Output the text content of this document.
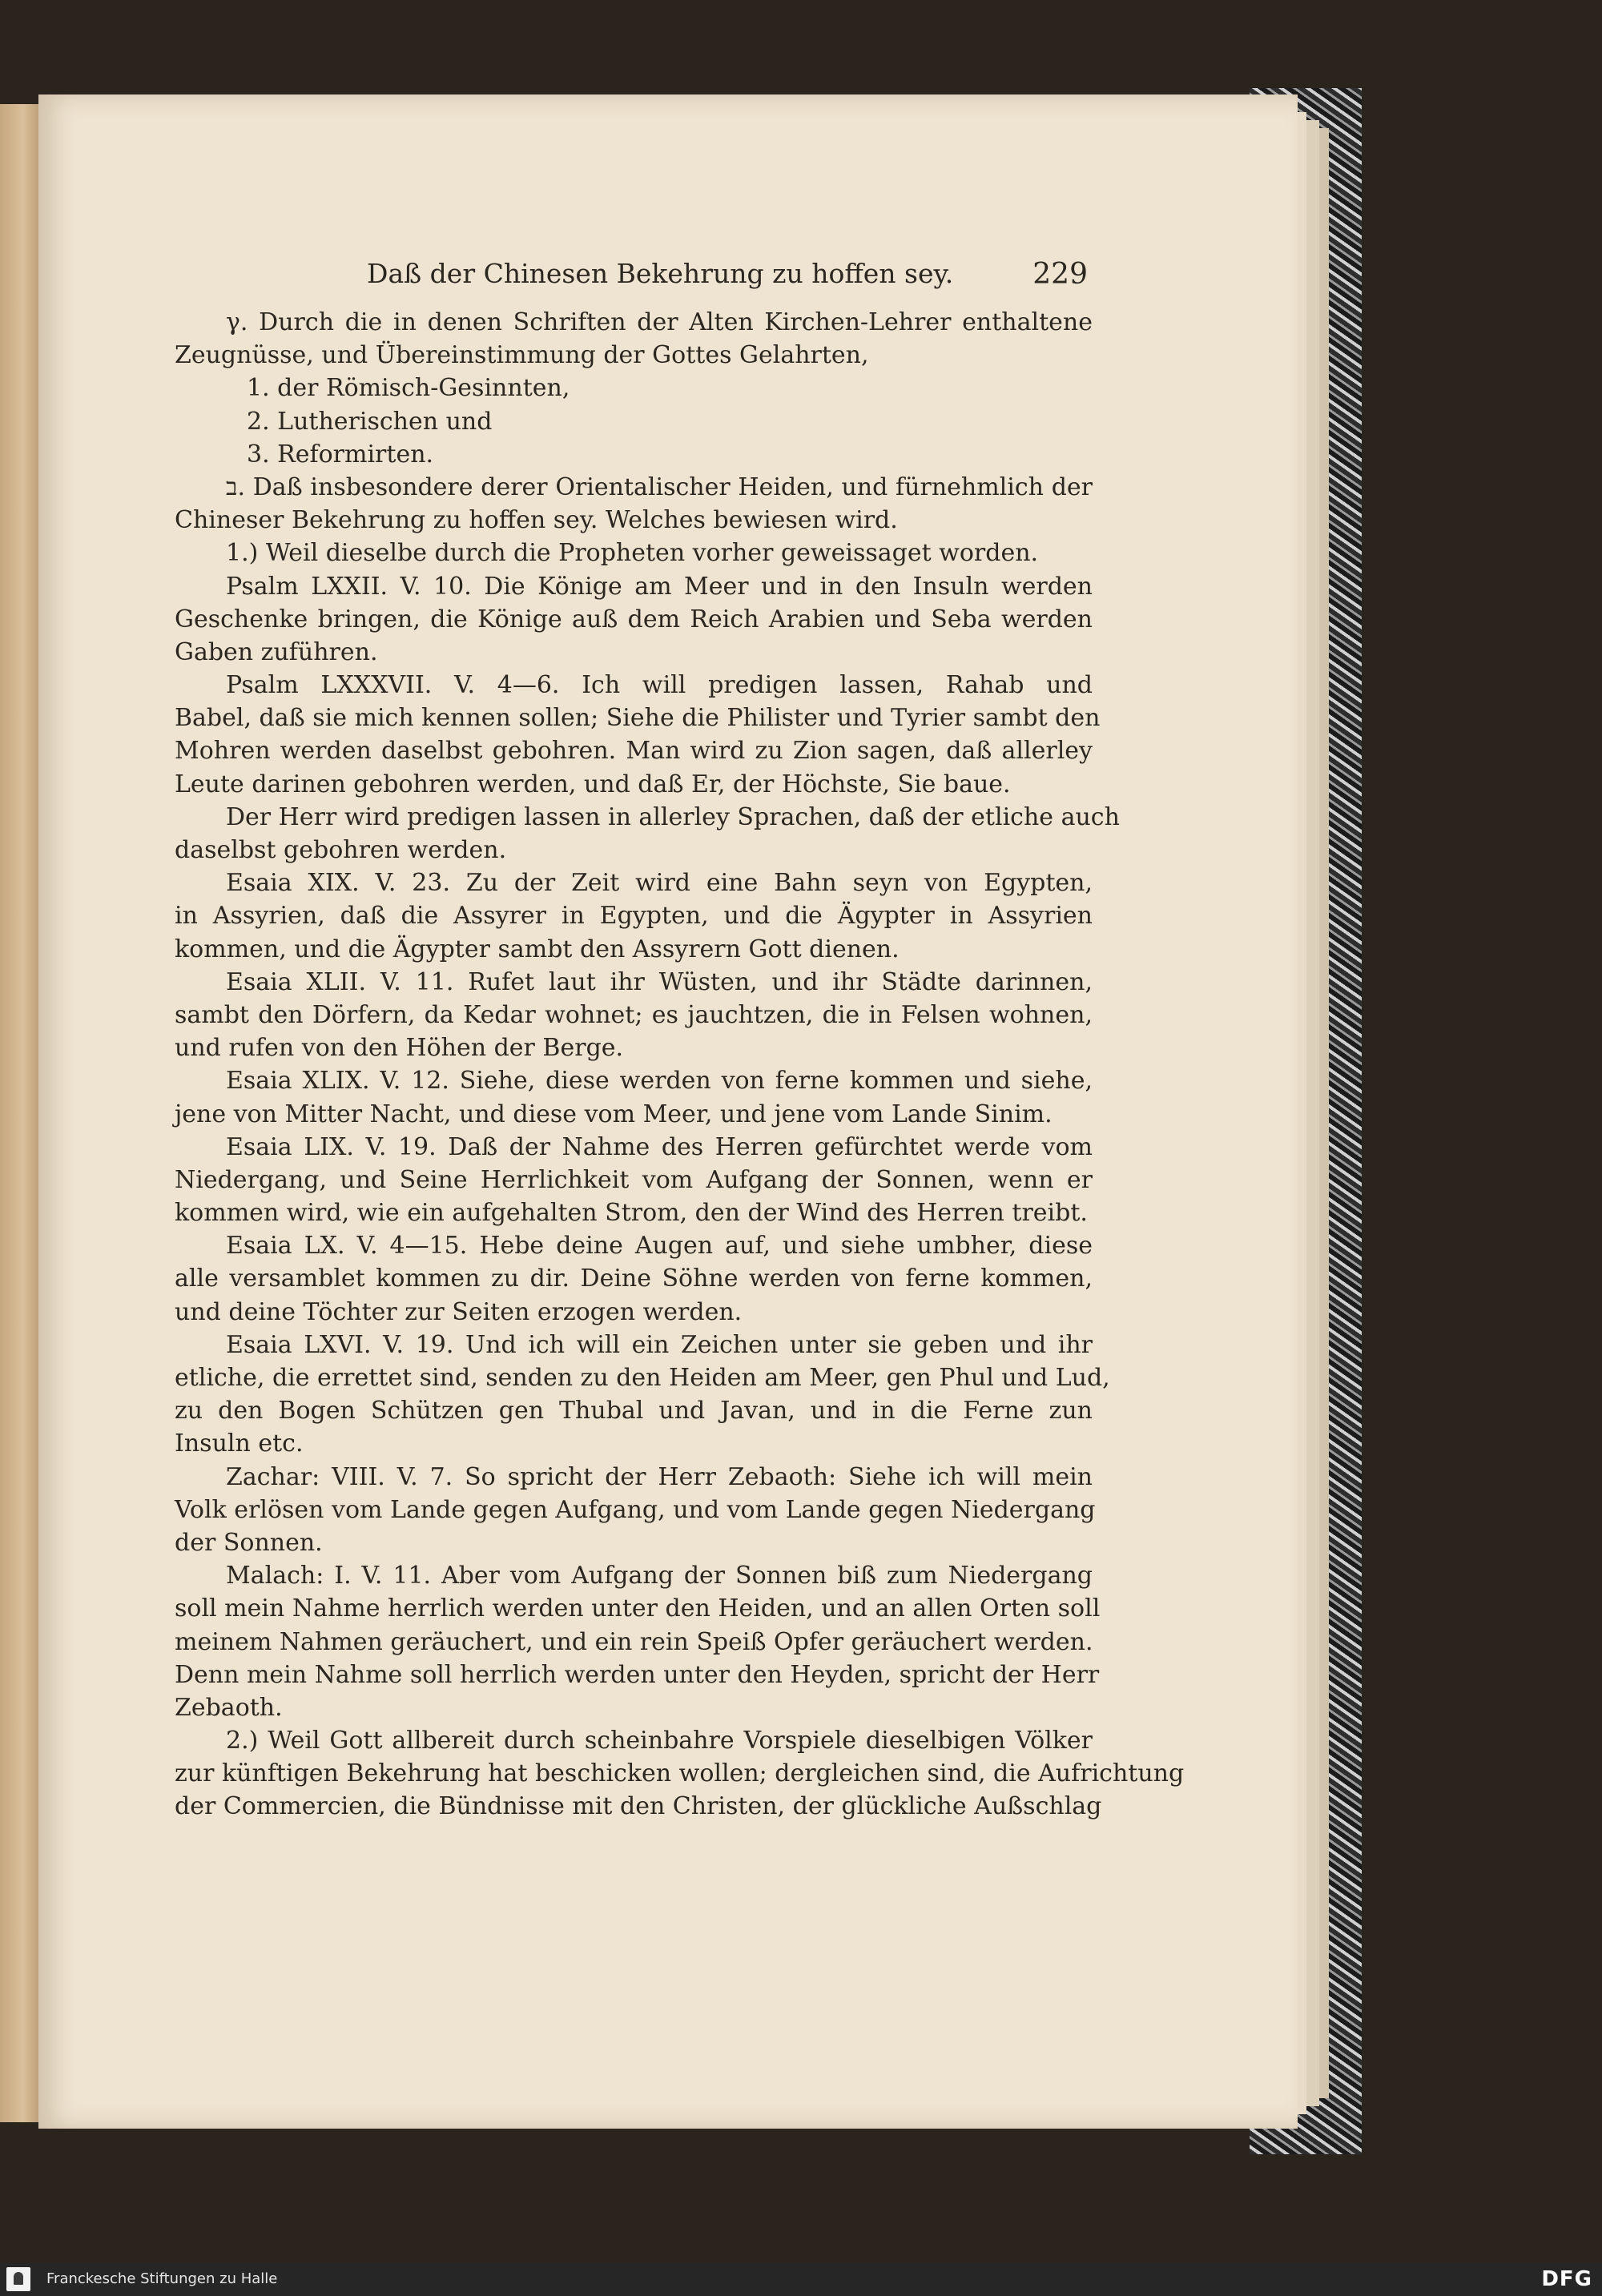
Daß der Chinesen Bekehrung zu hoffen sey.	229
γ. Durch die in denen Schriften der Alten Kirchen-Lehrer enthaltene
Zeugnüsse, und Übereinstimmung der Gottes Gelahrten,
1. der Römisch-Gesinnten,
2. Lutherischen und
3. Reformirten.
ב. Daß insbesondere derer Orientalischer Heiden, und fürnehmlich der
Chineser Bekehrung zu hoffen sey. Welches bewiesen wird.
1.) Weil dieselbe durch die Propheten vorher geweissaget worden.
Psalm LXXII. V. 10. Die Könige am Meer und in den Insuln werden
Geschenke bringen, die Könige auß dem Reich Arabien und Seba werden
Gaben zuführen.
Psalm LXXXVII. V. 4—6. Ich will predigen lassen, Rahab und
Babel, daß sie mich kennen sollen; Siehe die Philister und Tyrier sambt den
Mohren werden daselbst gebohren. Man wird zu Zion sagen, daß allerley
Leute darinen gebohren werden, und daß Er, der Höchste, Sie baue.
Der Herr wird predigen lassen in allerley Sprachen, daß der etliche auch
daselbst gebohren werden.
Esaia XIX. V. 23. Zu der Zeit wird eine Bahn seyn von Egypten,
in Assyrien, daß die Assyrer in Egypten, und die Ägypter in Assyrien
kommen, und die Ägypter sambt den Assyrern Gott dienen.
Esaia XLII. V. 11. Rufet laut ihr Wüsten, und ihr Städte darinnen,
sambt den Dörfern, da Kedar wohnet; es jauchtzen, die in Felsen wohnen,
und rufen von den Höhen der Berge.
Esaia XLIX. V. 12. Siehe, diese werden von ferne kommen und siehe,
jene von Mitter Nacht, und diese vom Meer, und jene vom Lande Sinim.
Esaia LIX. V. 19. Daß der Nahme des Herren gefürchtet werde vom
Niedergang, und Seine Herrlichkeit vom Aufgang der Sonnen, wenn er
kommen wird, wie ein aufgehalten Strom, den der Wind des Herren treibt.
Esaia LX. V. 4—15. Hebe deine Augen auf, und siehe umbher, diese
alle versamblet kommen zu dir. Deine Söhne werden von ferne kommen,
und deine Töchter zur Seiten erzogen werden.
Esaia LXVI. V. 19. Und ich will ein Zeichen unter sie geben und ihr
etliche, die errettet sind, senden zu den Heiden am Meer, gen Phul und Lud,
zu den Bogen Schützen gen Thubal und Javan, und in die Ferne zun
Insuln etc.
Zachar: VIII. V. 7. So spricht der Herr Zebaoth: Siehe ich will mein
Volk erlösen vom Lande gegen Aufgang, und vom Lande gegen Niedergang
der Sonnen.
Malach: I. V. 11. Aber vom Aufgang der Sonnen biß zum Niedergang
soll mein Nahme herrlich werden unter den Heiden, und an allen Orten soll
meinem Nahmen geräuchert, und ein rein Speiß Opfer geräuchert werden.
Denn mein Nahme soll herrlich werden unter den Heyden, spricht der Herr
Zebaoth.
2.) Weil Gott allbereit durch scheinbahre Vorspiele dieselbigen Völker
zur künftigen Bekehrung hat beschicken wollen; dergleichen sind, die Aufrichtung
der Commercien, die Bündnisse mit den Christen, der glückliche Außschlag
Franckesche Stiftungen zu Halle	DFG
